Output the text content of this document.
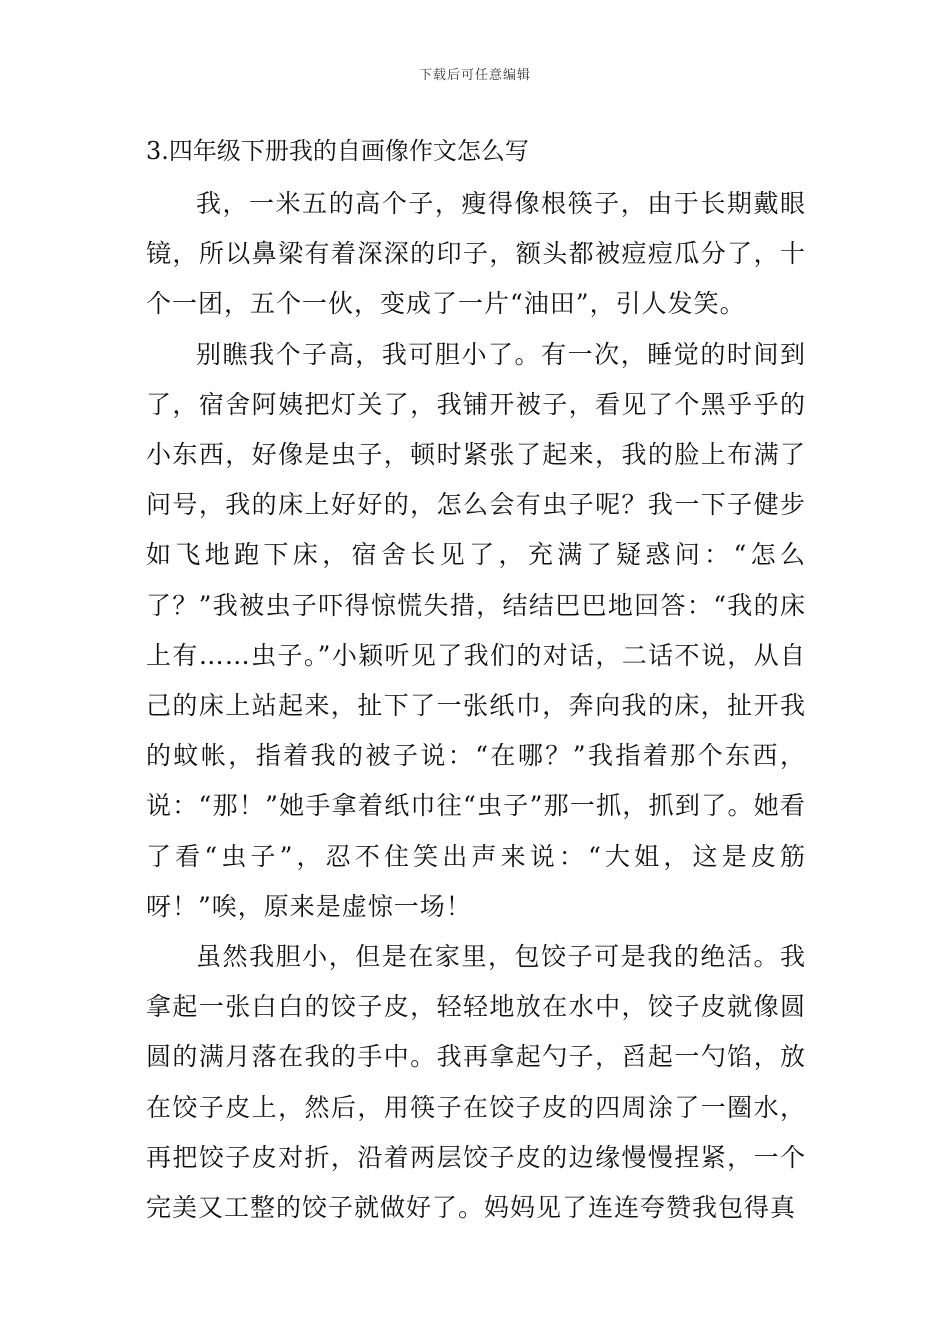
下载后可任意编辑
3.四年级下册我的自画像作文怎么写

我，一米五的高个子，瘦得像根筷子，由于长期戴眼镜，所以鼻梁有着深深的印子，额头都被痘痘瓜分了，十个一团，五个一伙，变成了一片“油田”，引人发笑。

别瞧我个子高，我可胆小了。有一次，睡觉的时间到了，宿舍阿姨把灯关了，我铺开被子，看见了个黑乎乎的小东西，好像是虫子，顿时紧张了起来，我的脸上布满了问号，我的床上好好的，怎么会有虫子呢？我一下子健步如飞地跑下床，宿舍长见了，充满了疑惑问：“怎么了？”我被虫子吓得惊慌失措，结结巴巴地回答：“我的床上有……虫子。”小颖听见了我们的对话，二话不说，从自己的床上站起来，扯下了一张纸巾，奔向我的床，扯开我的蚊帐，指着我的被子说：“在哪？”我指着那个东西，说：“那！”她手拿着纸巾往“虫子”那一抓，抓到了。她看了看“虫子”，忍不住笑出声来说：“大姐，这是皮筋呀！”唉，原来是虚惊一场！

虽然我胆小，但是在家里，包饺子可是我的绝活。我拿起一张白白的饺子皮，轻轻地放在水中，饺子皮就像圆圆的满月落在我的手中。我再拿起勺子，舀起一勺馅，放在饺子皮上，然后，用筷子在饺子皮的四周涂了一圈水，再把饺子皮对折，沿着两层饺子皮的边缘慢慢捏紧，一个完美又工整的饺子就做好了。妈妈见了连连夸赞我包得真
